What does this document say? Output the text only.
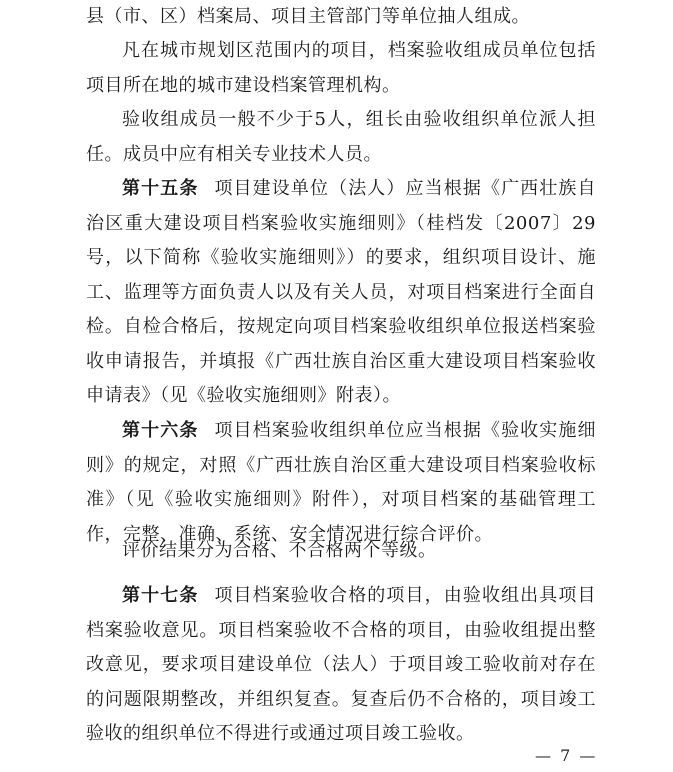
县（市、区）档案局、项目主管部门等单位抽人组成。

凡在城市规划区范围内的项目，档案验收组成员单位包括项目所在地的城市建设档案管理机构。

验收组成员一般不少于5人，组长由验收组织单位派人担任。成员中应有相关专业技术人员。

第十五条 项目建设单位（法人）应当根据《广西壮族自治区重大建设项目档案验收实施细则》（桂档发〔2007〕29 号，以下简称《验收实施细则》）的要求，组织项目设计、施工、监理等方面负责人以及有关人员，对项目档案进行全面自检。自检合格后，按规定向项目档案验收组织单位报送档案验收申请报告，并填报《广西壮族自治区重大建设项目档案验收申请表》（见《验收实施细则》附表）。

第十六条 项目档案验收组织单位应当根据《验收实施细则》的规定，对照《广西壮族自治区重大建设项目档案验收标准》（见《验收实施细则》附件），对项目档案的基础管理工作，完整、准确、系统、安全情况进行综合评价。

评价结果分为合格、不合格两个等级。

第十七条 项目档案验收合格的项目，由验收组出具项目档案验收意见。项目档案验收不合格的项目，由验收组提出整改意见，要求项目建设单位（法人）于项目竣工验收前对存在的问题限期整改，并组织复查。复查后仍不合格的，项目竣工验收的组织单位不得进行或通过项目竣工验收。

— 7 —
